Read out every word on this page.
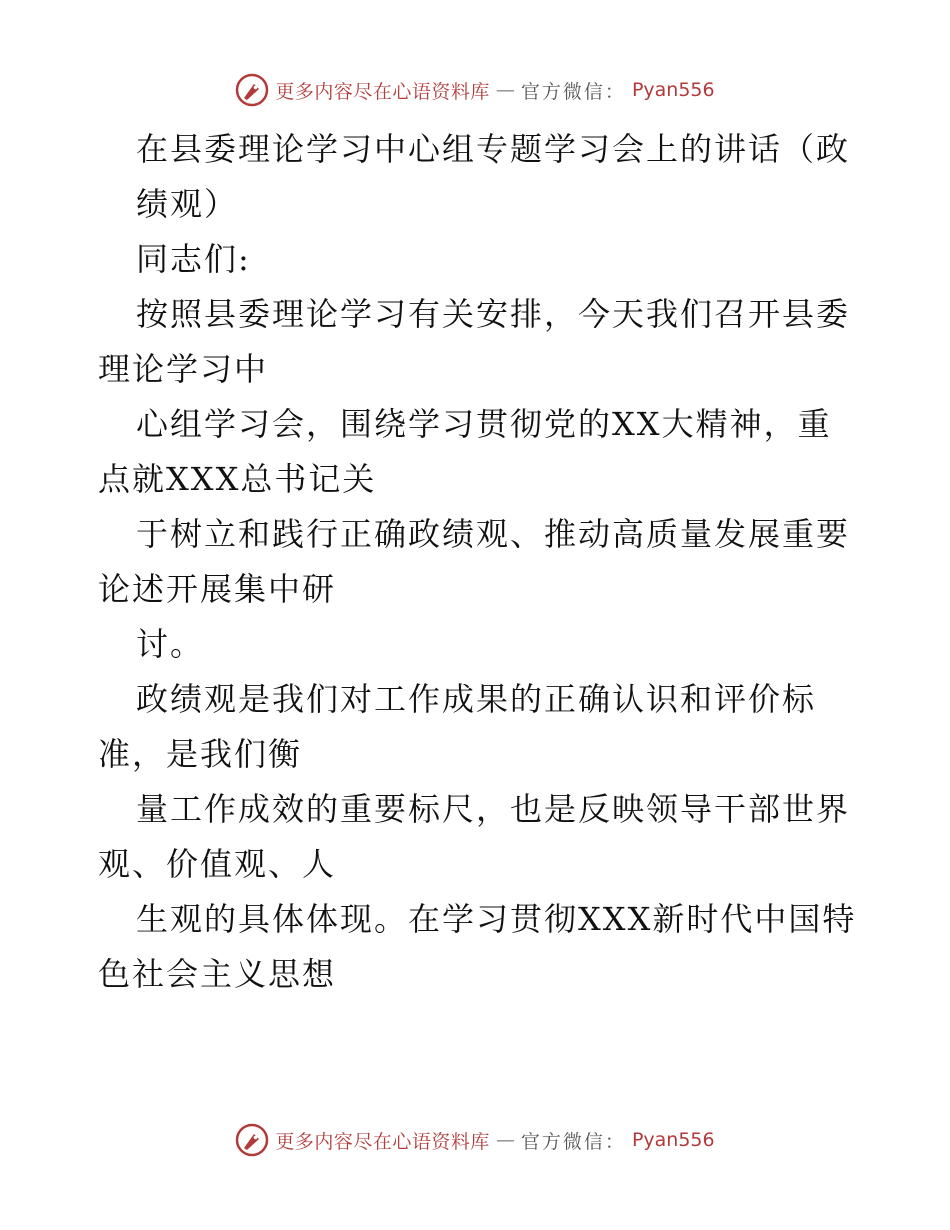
更多内容尽在心语资料库 — 官方微信： Pyan556
在县委理论学习中心组专题学习会上的讲话（政
绩观）
同志们:
按照县委理论学习有关安排，今天我们召开县委
理论学习中
心组学习会，围绕学习贯彻党的XX大精神，重
点就XXX总书记关
于树立和践行正确政绩观、推动高质量发展重要
论述开展集中研
讨。
政绩观是我们对工作成果的正确认识和评价标
准，是我们衡
量工作成效的重要标尺，也是反映领导干部世界
观、价值观、人
生观的具体体现。在学习贯彻XXX新时代中国特
色社会主义思想
更多内容尽在心语资料库 — 官方微信： Pyan556
